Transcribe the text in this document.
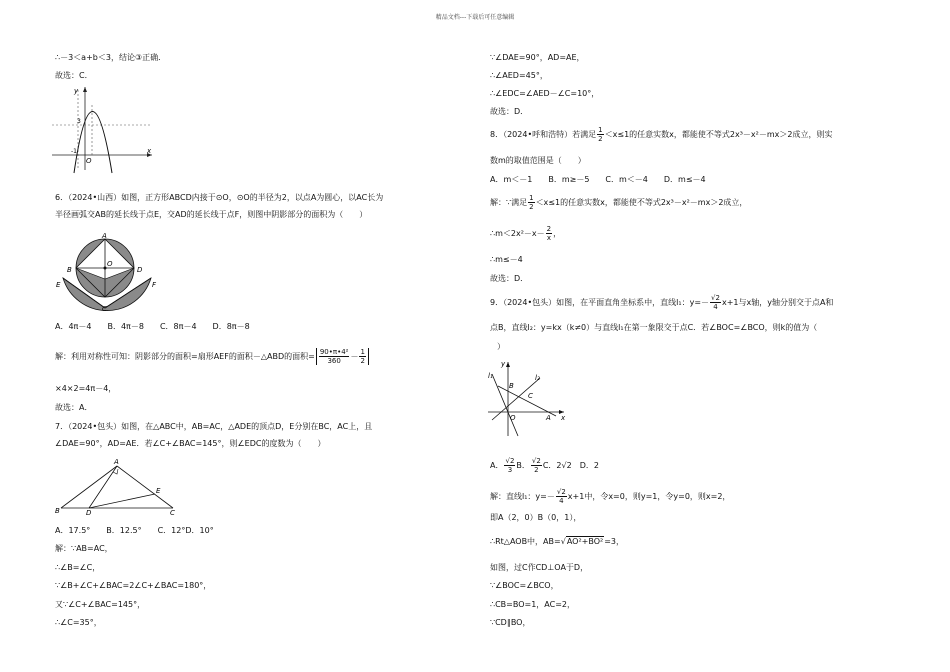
精品文档---下载后可任意编辑
∴－3＜a+b＜3，结论③正确．
故选：C．
y
x
3
-1
O
6．（2024•山西）如图，正方形ABCD内接于⊙O，⊙O的半径为2，以点A为圆心，以AC长为
半径画弧交AB的延长线于点E，交AD的延长线于点F，则图中阴影部分的面积为（　　）
A
B	D
C
E	F
O
A．4π－4　　B．4π－8　　C．8π－4　　D．8π－8
解：利用对称性可知：阴影部分的面积=扇形AEF的面积－△ABD的面积= $\frac{\text{90•π•4²}}{360} - \frac{1}{2}$
×4×2=4π－4，
故选：A．
7．（2024•包头）如图，在△ABC中，AB=AC，△ADE的顶点D，E分别在BC，AC上，且
∠DAE=90°，AD=AE．若∠C+∠BAC=145°，则∠EDC的度数为（　　）
A
B	D	C
E
A．17.5°　　B．12.5°　　C．12°D．10°
解：∵AB=AC，
∴∠B=∠C，
∵∠B+∠C+∠BAC=2∠C+∠BAC=180°，
又∵∠C+∠BAC=145°，
∴∠C=35°，
∵∠DAE=90°，AD=AE，
∴∠AED=45°，
∴∠EDC=∠AED－∠C=10°，
故选：D．
8．（2024•呼和浩特）若满足 $\frac{1}{2} <x\le 1$的任意实数x，都能使不等式2x³－x²－mx＞2成立，则实
数m的取值范围是（　　）
A．m＜－1　　B．m≥－5　　C．m＜－4　　D．m≤－4
解：∵满足 $\frac{1}{2} <x\le 1$的任意实数x，都能使不等式2x³－x²－mx＞2成立，
∴m＜2x²－x－ $\frac{2}{x}$ ，
∴m≤－4
故选：D．
9．（2024•包头）如图，在平面直角坐标系中，直线l₁：$y=- \frac{√2}{4} x+1$与x轴，y轴分别交于点A和
点B，直线l₂：y=kx（k≠0）与直线l₁在第一象限交于点C．若∠BOC=∠BCO，则k的值为（
）
y
x
l₁	l₂
B
C
A
O
A． $\frac{√2}{3}$ B． $\frac{√2}{2}$ C．2√2　D．2
解：直线l₁：$y=- \frac{√2}{4} x+1$中，令x=0，则y=1，令y=0，则x=2，
即A（2，0）B（0，1），
∴Rt△AOB中，AB=√AO²+BO²=3，
如图，过C作CD⊥OA于D，
∵∠BOC=∠BCO，
∴CB=BO=1，AC=2，
∵CD∥BO，
